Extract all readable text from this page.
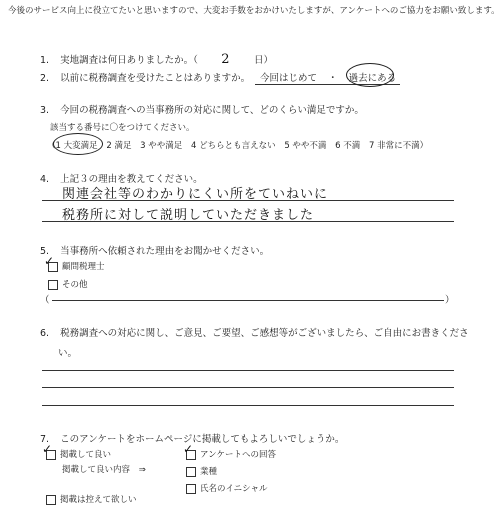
今後のサービス向上に役立てたいと思いますので、大変お手数をおかけいたしますが、アンケートへのご協力をお願い致します。
1. 実地調査は何日ありましたか。（ 2 日）
2. 以前に税務調査を受けたことはありますか。	今回はじめて ・ 過去にある
3. 今回の税務調査への当事務所の対応に関して、どのくらい満足ですか。
該当する番号に〇をつけてください。
（1 大変満足 2 満足 3 やや満足 4 どちらとも言えない 5 やや不満 6 不満 7 非常に不満）
4. 上記３の理由を教えてください。
関連会社等のわかりにくい所をていねいに
税務所に対して説明していただきました
5. 当事務所へ依頼された理由をお聞かせください。
顧問税理士
✓
その他
（	）
6. 税務調査への対応に関し、ご意見、ご要望、ご感想等がございましたら、ご自由にお書きくださ
い。
7. このアンケートをホームページに掲載してもよろしいでしょうか。
掲載して良い
✓
掲載して良い内容 ⇒
アンケートへの回答
✓
業種
氏名のイニシャル
掲載は控えて欲しい
